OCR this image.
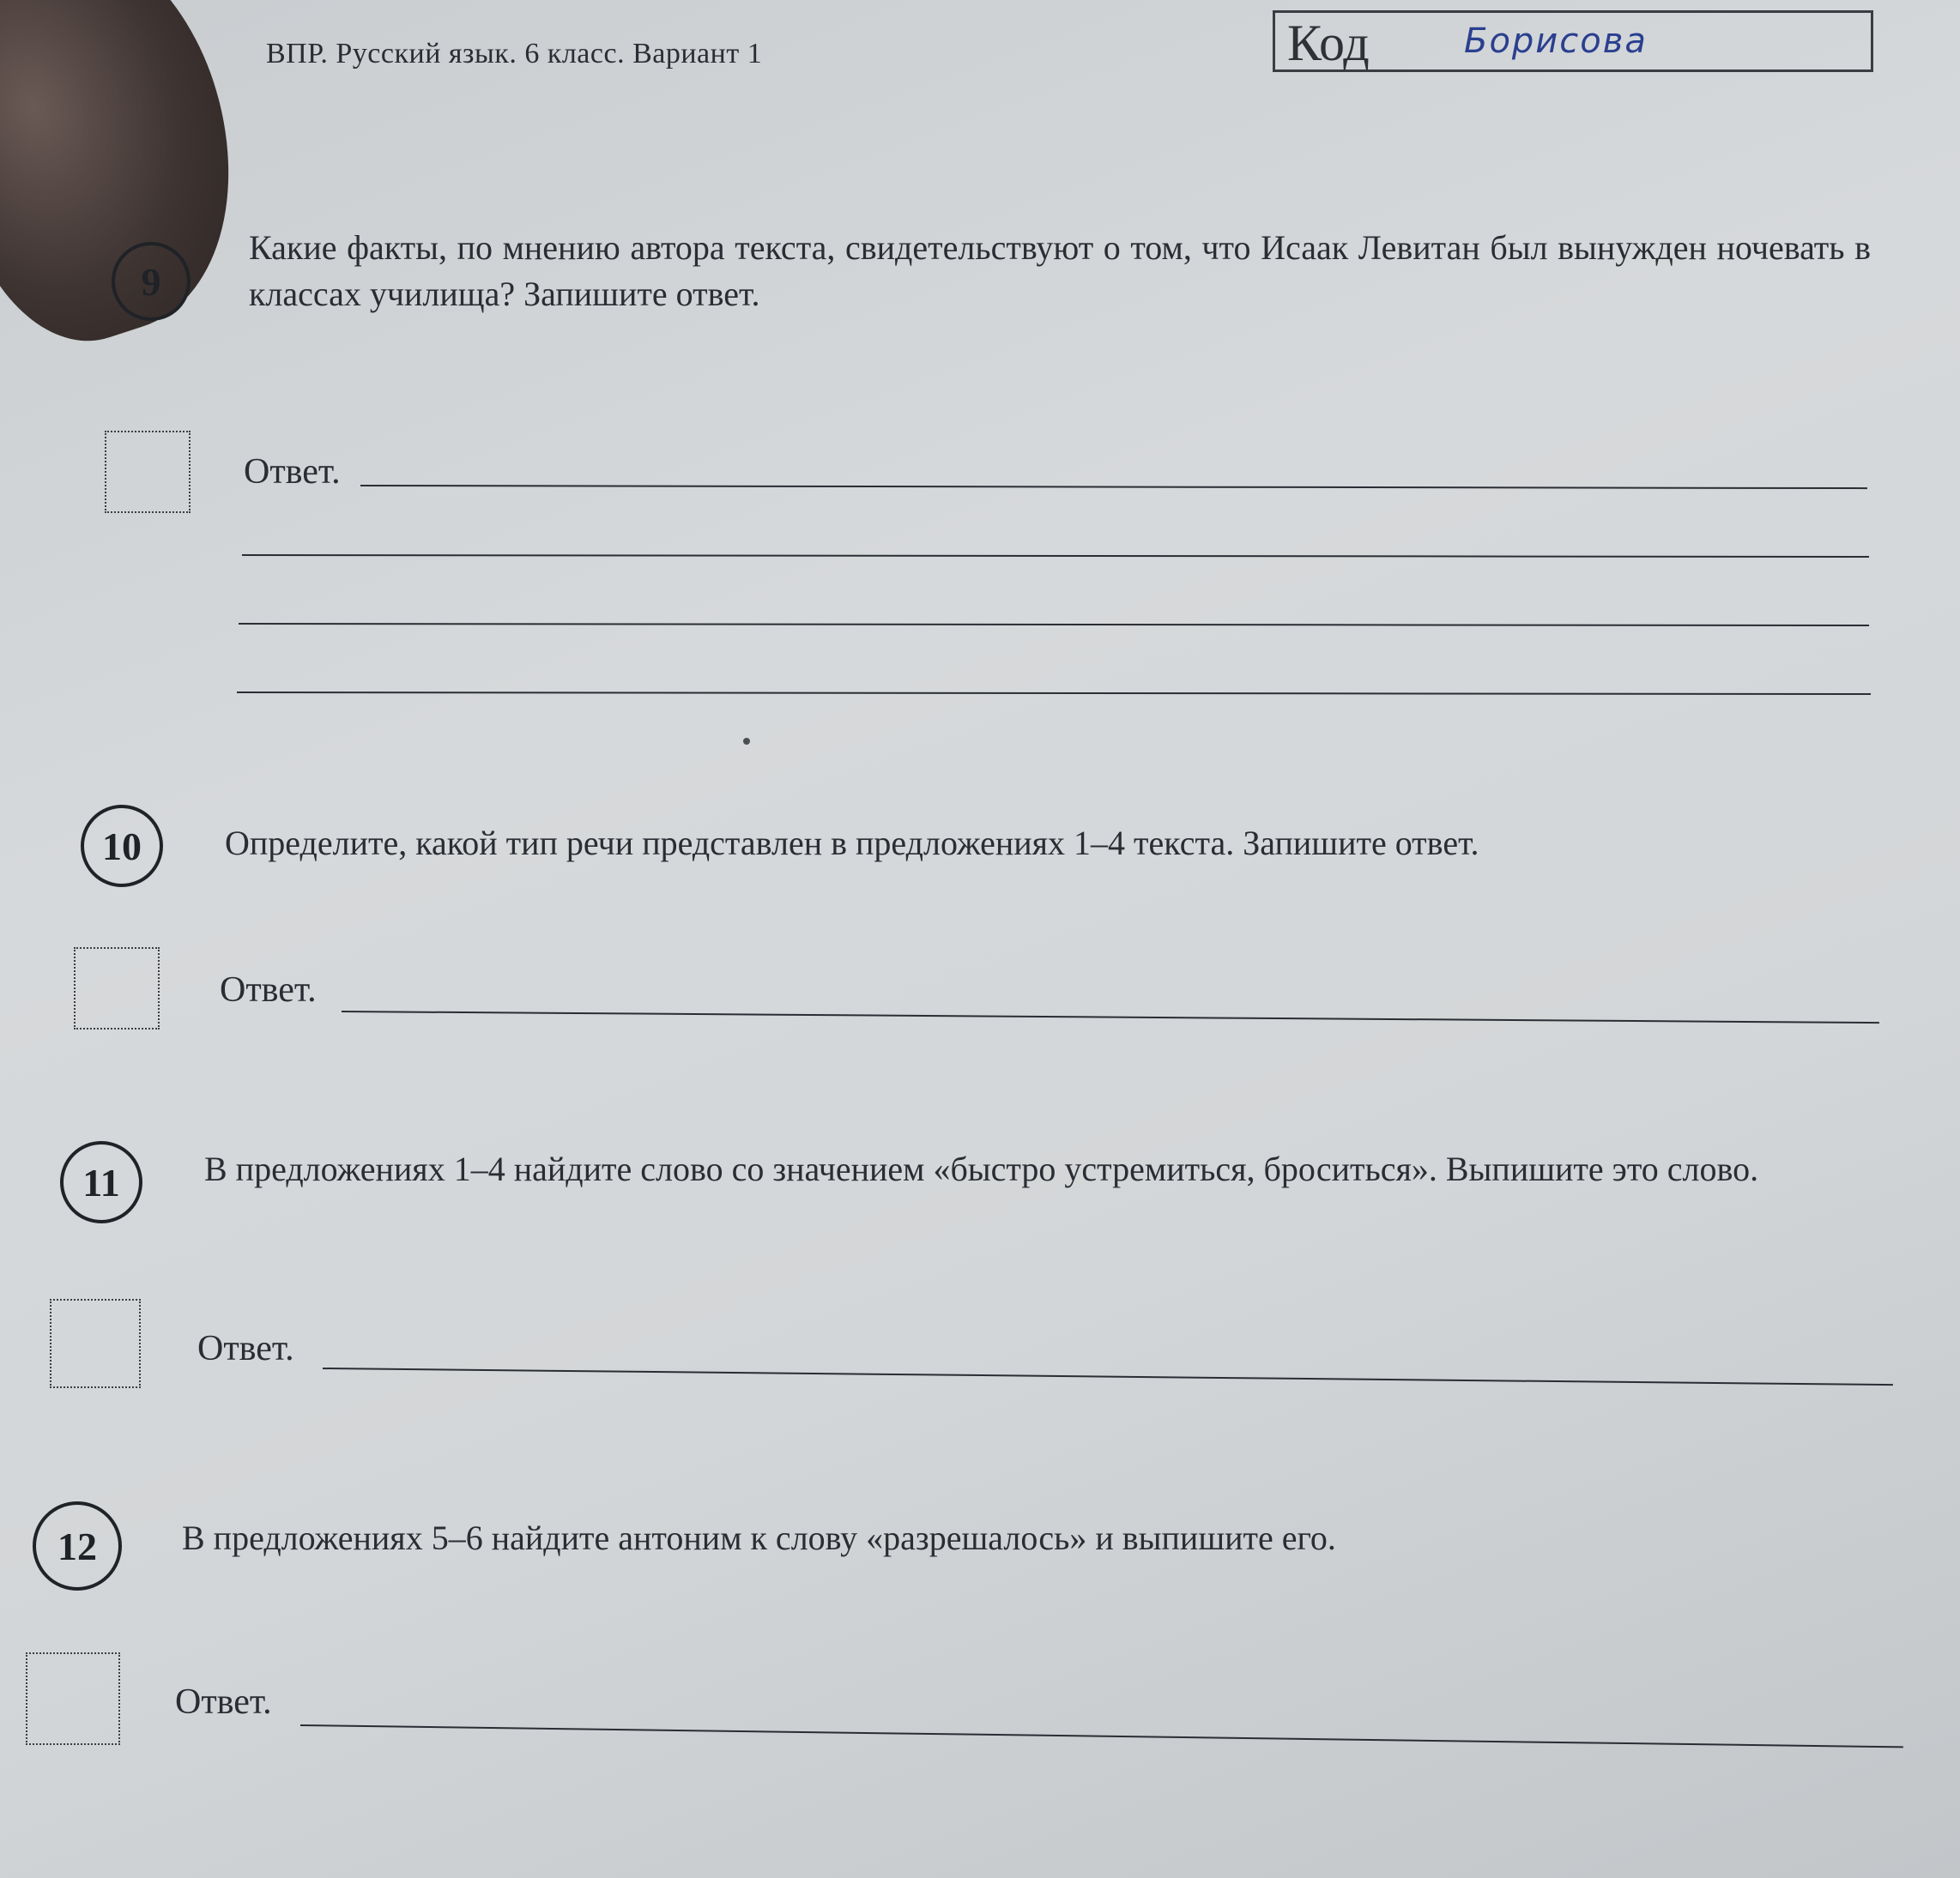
ВПР. Русский язык. 6 класс. Вариант 1	Код	Борисова
9
Какие факты, по мнению автора текста, свидетельствуют о том, что Исаак Левитан был вынужден ночевать в классах училища? Запишите ответ.
Ответ.
10	Определите, какой тип речи представлен в предложениях 1–4 текста. Запишите ответ.
Ответ.
11	В предложениях 1–4 найдите слово со значением «быстро устремиться, броситься». Выпишите это слово.
Ответ.
12	В предложениях 5–6 найдите антоним к слову «разрешалось» и выпишите его.
Ответ.
